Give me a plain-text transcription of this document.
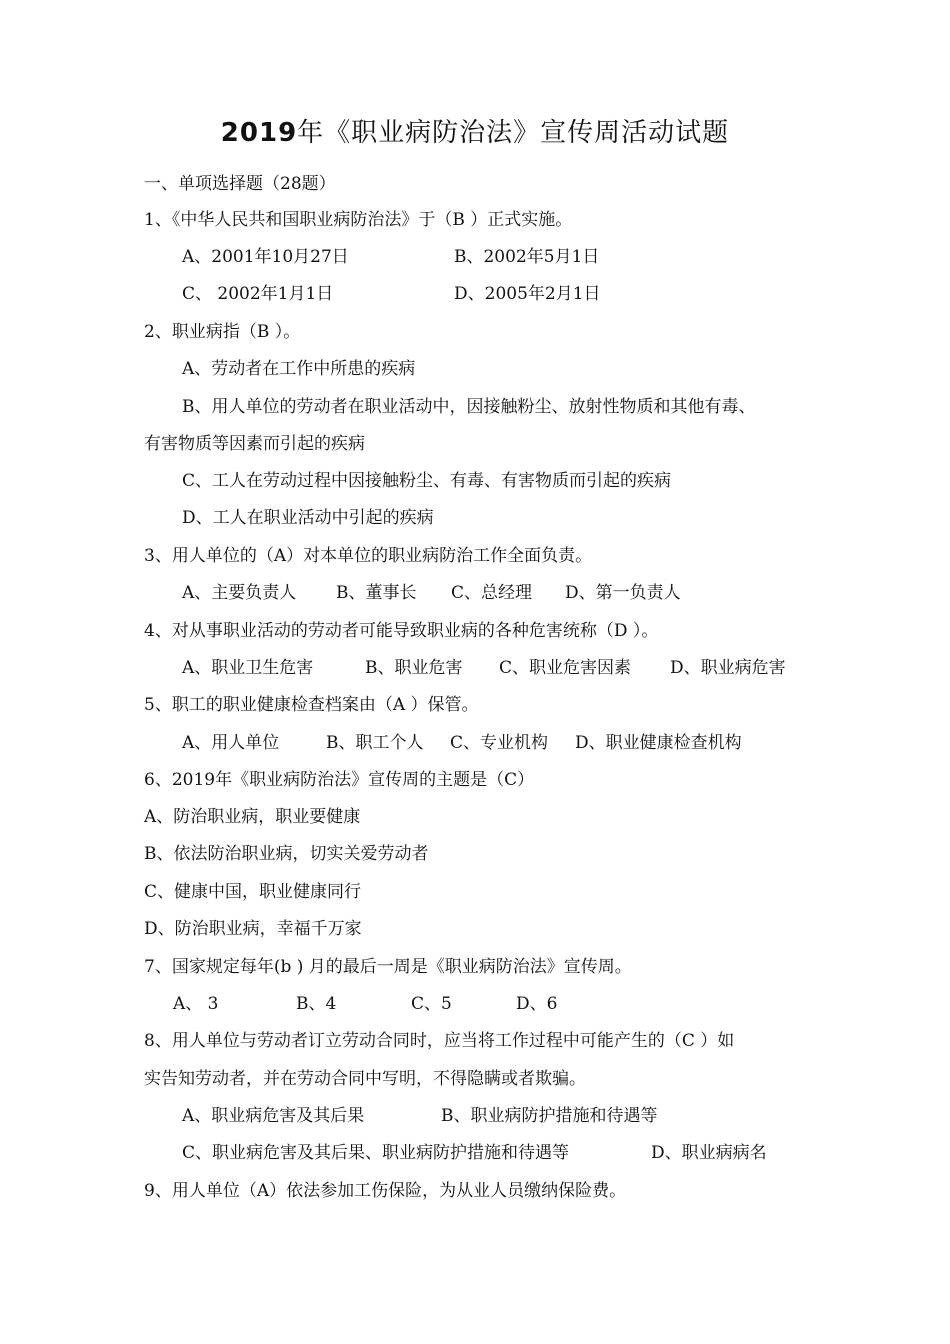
2019年《职业病防治法》宣传周活动试题
一、单项选择题（28题）
1、《中华人民共和国职业病防治法》于（B ）正式实施。
A、2001年10月27日	B、2002年5月1日
C、 2002年1月1日	D、2005年2月1日
2、职业病指（B ）。
A、劳动者在工作中所患的疾病
B、用人单位的劳动者在职业活动中，因接触粉尘、放射性物质和其他有毒、
有害物质等因素而引起的疾病
C、工人在劳动过程中因接触粉尘、有毒、有害物质而引起的疾病
D、工人在职业活动中引起的疾病
3、用人单位的（A）对本单位的职业病防治工作全面负责。
A、主要负责人 B、董事长 C、总经理 D、第一负责人
4、对从事职业活动的劳动者可能导致职业病的各种危害统称（D ）。
A、职业卫生危害	B、职业危害 C、职业危害因素 D、职业病危害
5、职工的职业健康检查档案由（A ）保管。
A、用人单位	B、职工个人 C、专业机构 D、职业健康检查机构
6、2019年《职业病防治法》宣传周的主题是（C）
A、防治职业病，职业要健康
B、依法防治职业病，切实关爱劳动者
C、健康中国，职业健康同行
D、防治职业病，幸福千万家
7、国家规定每年(b ) 月的最后一周是《职业病防治法》宣传周。
A、 3	B、4	C、5	D、6
8、用人单位与劳动者订立劳动合同时，应当将工作过程中可能产生的（C ）如
实告知劳动者，并在劳动合同中写明，不得隐瞒或者欺骗。
A、职业病危害及其后果	B、职业病防护措施和待遇等
C、职业病危害及其后果、职业病防护措施和待遇等	D、职业病病名
9、用人单位（A）依法参加工伤保险，为从业人员缴纳保险费。
